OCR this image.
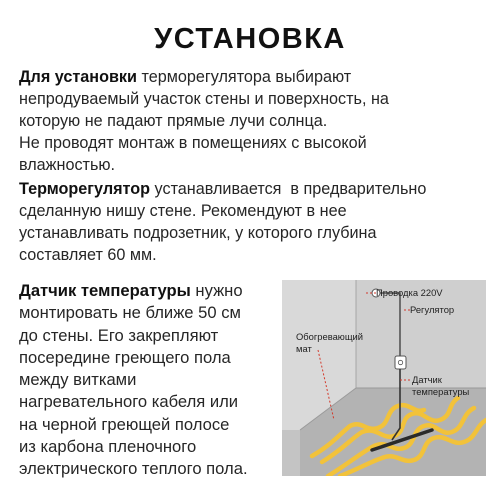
УСТАНОВКА
Для установки терморегулятора выбирают
непродуваемый участок стены и поверхность, на
которую не падают прямые лучи солнца.
Не проводят монтаж в помещениях с высокой
влажностью.
Терморегулятор устанавливается  в предварительно
сделанную нишу стене. Рекомендуют в нее
устанавливать подрозетник, у которого глубина
составляет 60 мм.
Датчик температуры нужно
монтировать не ближе 50 см
до стены. Его закрепляют
посередине греющего пола
между витками
нагревательного кабеля или
на черной греющей полосе
из карбона пленочного
электрического теплого пола.
Проводка 220V
Регулятор
Обогревающий
мат
Датчик
температуры
